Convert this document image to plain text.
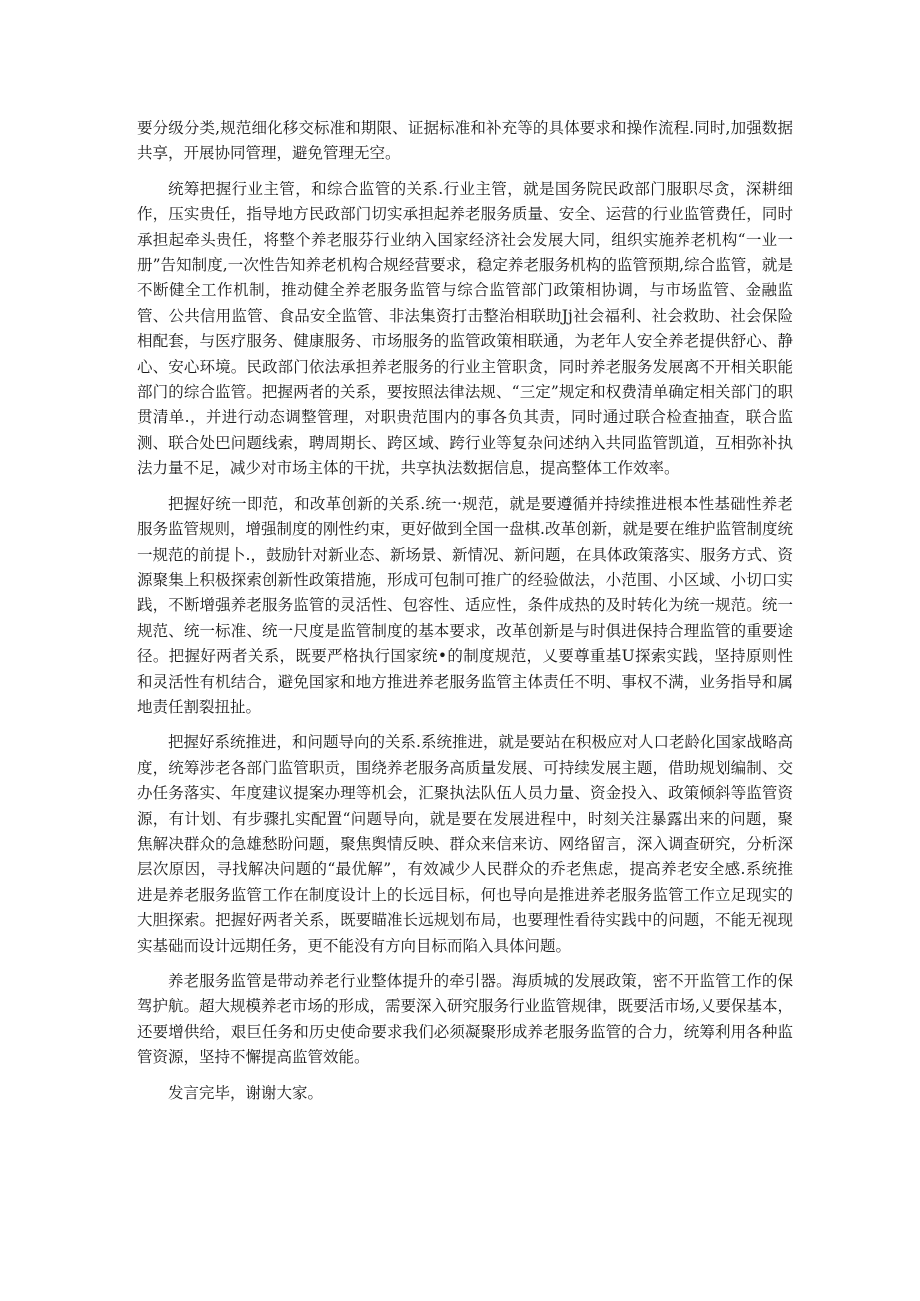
要分级分类,规范细化移交标准和期限、证据标准和补充等的具体要求和操作流程.同时,加强数据共享，开展协同管理，避免管理无空。

统筹把握行业主管，和综合监管的关系.行业主管，就是国务院民政部门服职尽贪，深耕细作，压实贵任，指导地方民政部门切实承担起养老服务质量、安全、运营的行业监管费任，同时承担起牵头贵任，将整个养老服芬行业纳入国家经济社会发展大同，组织实施养老机构“一业一册”告知制度,一次性告知养老机构合规经营要求，稳定养老服务机构的监管预期,综合监管，就是不断健全工作机制，推动健全养老服务监管与综合监管部门政策相协调，与市场监管、金融监管、公共信用监管、食品安全监管、非法集资打击整治相联助Jj社会福利、社会救助、社会保险相配套，与医疗服务、健康服务、市场服务的监管政策相联通，为老年人安全养老提供舒心、静心、安心环境。民政部门依法承担养老服务的行业主管职贪，同时养老服务发展离不开相关职能部门的综合监管。把握两者的关系，要按照法律法规、“三定”规定和权费清单确定相关部门的职贯清单.，并进行动态调整管理，对职贵范围内的事各负其责，同时通过联合检查抽查，联合监测、联合处巴问题线索，聘周期长、跨区域、跨行业等复杂问述纳入共同监管凯道，互相弥补执法力量不足，减少对市场主体的干扰，共享执法数据信息，提高整体工作效率。

把握好统一即范，和改革创新的关系.统一·规范，就是要遵循并持续推进根本性基础性养老服务监管规则，增强制度的刚性约束，更好做到全国一盘棋.改革创新，就是要在维护监管制度统一规范的前提卜.，鼓励针对新业态、新场景、新情况、新问题，在具体政策落实、服务方式、资源聚集上积极探索创新性政策措施，形成可包制可推广的经验做法，小范围、小区域、小切口实践，不断增强养老服务监管的灵活性、包容性、适应性，条件成热的及时转化为统一规范。统一规范、统一标准、统一尺度是监管制度的基本要求，改革创新是与时俱进保持合理监管的重要途径。把握好两者关系，既要严格执行国家统•的制度规范，乂要尊重基U探索实践，坚持原则性和灵活性有机结合，避免国家和地方推进养老服务监管主体责任不明、事权不满，业务指导和属地责任割裂扭扯。

把握好系统推进，和问题导向的关系.系统推进，就是要站在积极应对人口老龄化国家战略高度，统筹涉老各部门监管职贡，围绕养老服务高质量发展、可持续发展主题，借助规划编制、交办任务落实、年度建议提案办理等机会，汇聚执法队伍人员力量、资金投入、政策倾斜等监管资源，有计划、有步骤扎实配置“问题导向，就是要在发展进程中，时刻关注暴露出来的问题，聚焦解决群众的急雄愁盼问题，聚焦舆情反映、群众来信来访、网络留言，深入调查研究，分析深层次原因，寻找解决问题的“最优解”，有效减少人民群众的乔老焦虑，提高养老安全感.系统推进是养老服务监管工作在制度设计上的长远目标，何也导向是推进养老服务监管工作立足现实的大胆探索。把握好两者关系，既要瞄准长远规划布局，也要理性看待实践中的问题，不能无视现实基础而设计远期任务，更不能没有方向目标而陷入具体问题。

养老服务监管是带动养老行业整体提升的牵引器。海质城的发展政策，密不开监管工作的保驾护航。超大规模养老市场的形成，需要深入研究服务行业监管规律，既要活市场,乂要保基本，还要增供给，艰巨任务和历史使命要求我们必须凝聚形成养老服务监管的合力，统筹利用各种监管资源，坚持不懈提高监管效能。

发言完毕，谢谢大家。
